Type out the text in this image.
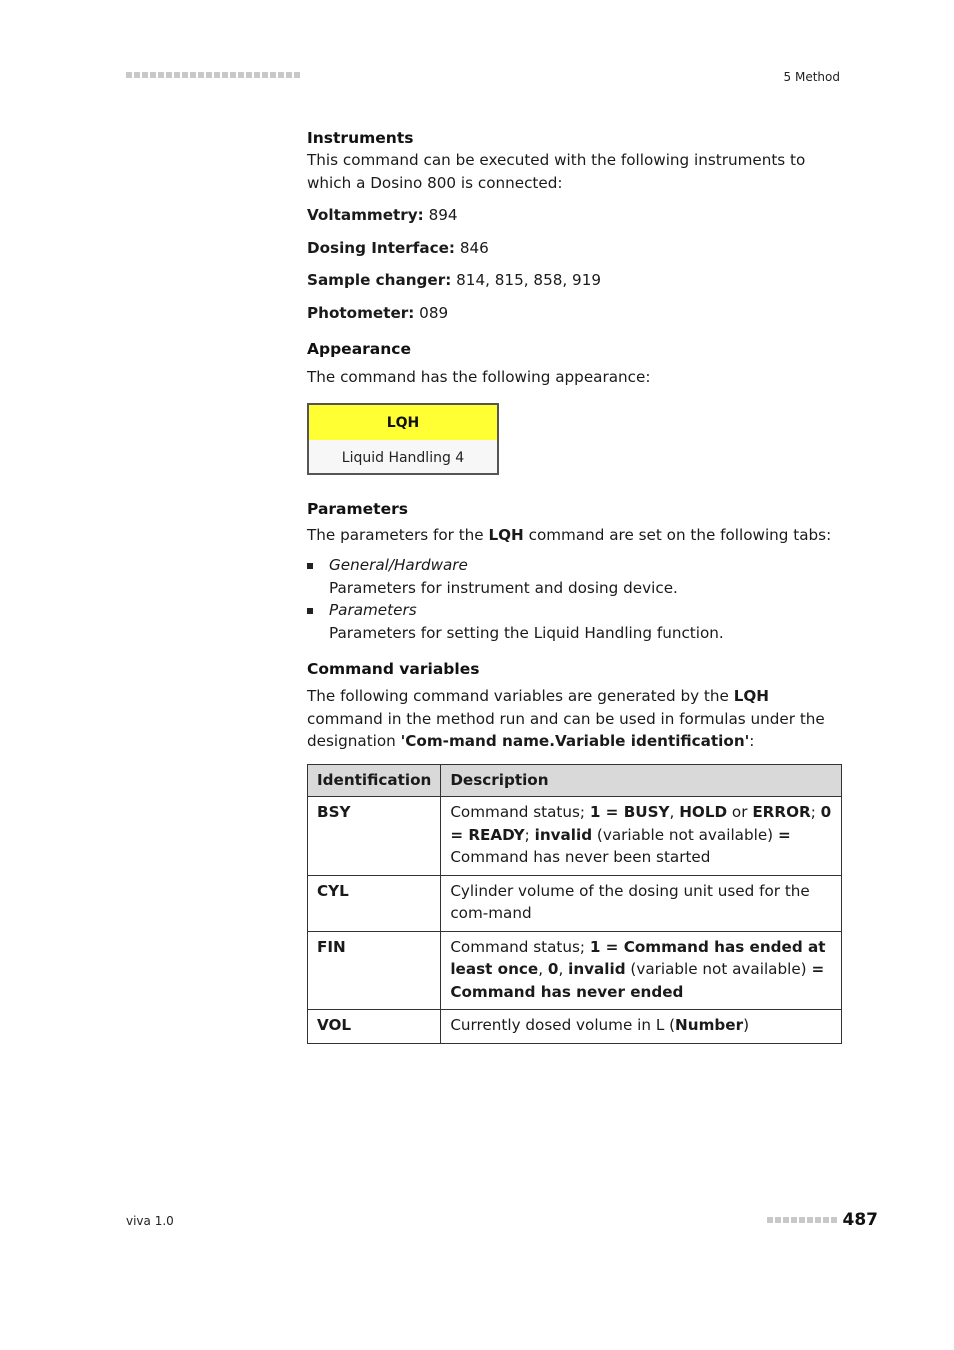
5 Method
Instruments

This command can be executed with the following instruments to which a Dosino 800 is connected:

Voltammetry: 894

Dosing Interface: 846

Sample changer: 814, 815, 858, 919

Photometer: 089

Appearance

The command has the following appearance:

LQH
Liquid Handling 4
Parameters

The parameters for the LQH command are set on the following tabs:

General/Hardware
Parameters for instrument and dosing device.
Parameters
Parameters for setting the Liquid Handling function.
Command variables

The following command variables are generated by the LQH command in the method run and can be used in formulas under the designation 'Com-mand name.Variable identification':

Identification	Description
BSY	Command status; 1 = BUSY, HOLD or ERROR; 0 = READY; invalid (variable not available) = Command has never been started
CYL	Cylinder volume of the dosing unit used for the com-mand
FIN	Command status; 1 = Command has ended at least once, 0, invalid (variable not available) = Command has never ended
VOL	Currently dosed volume in L (Number)
viva 1.0	487
